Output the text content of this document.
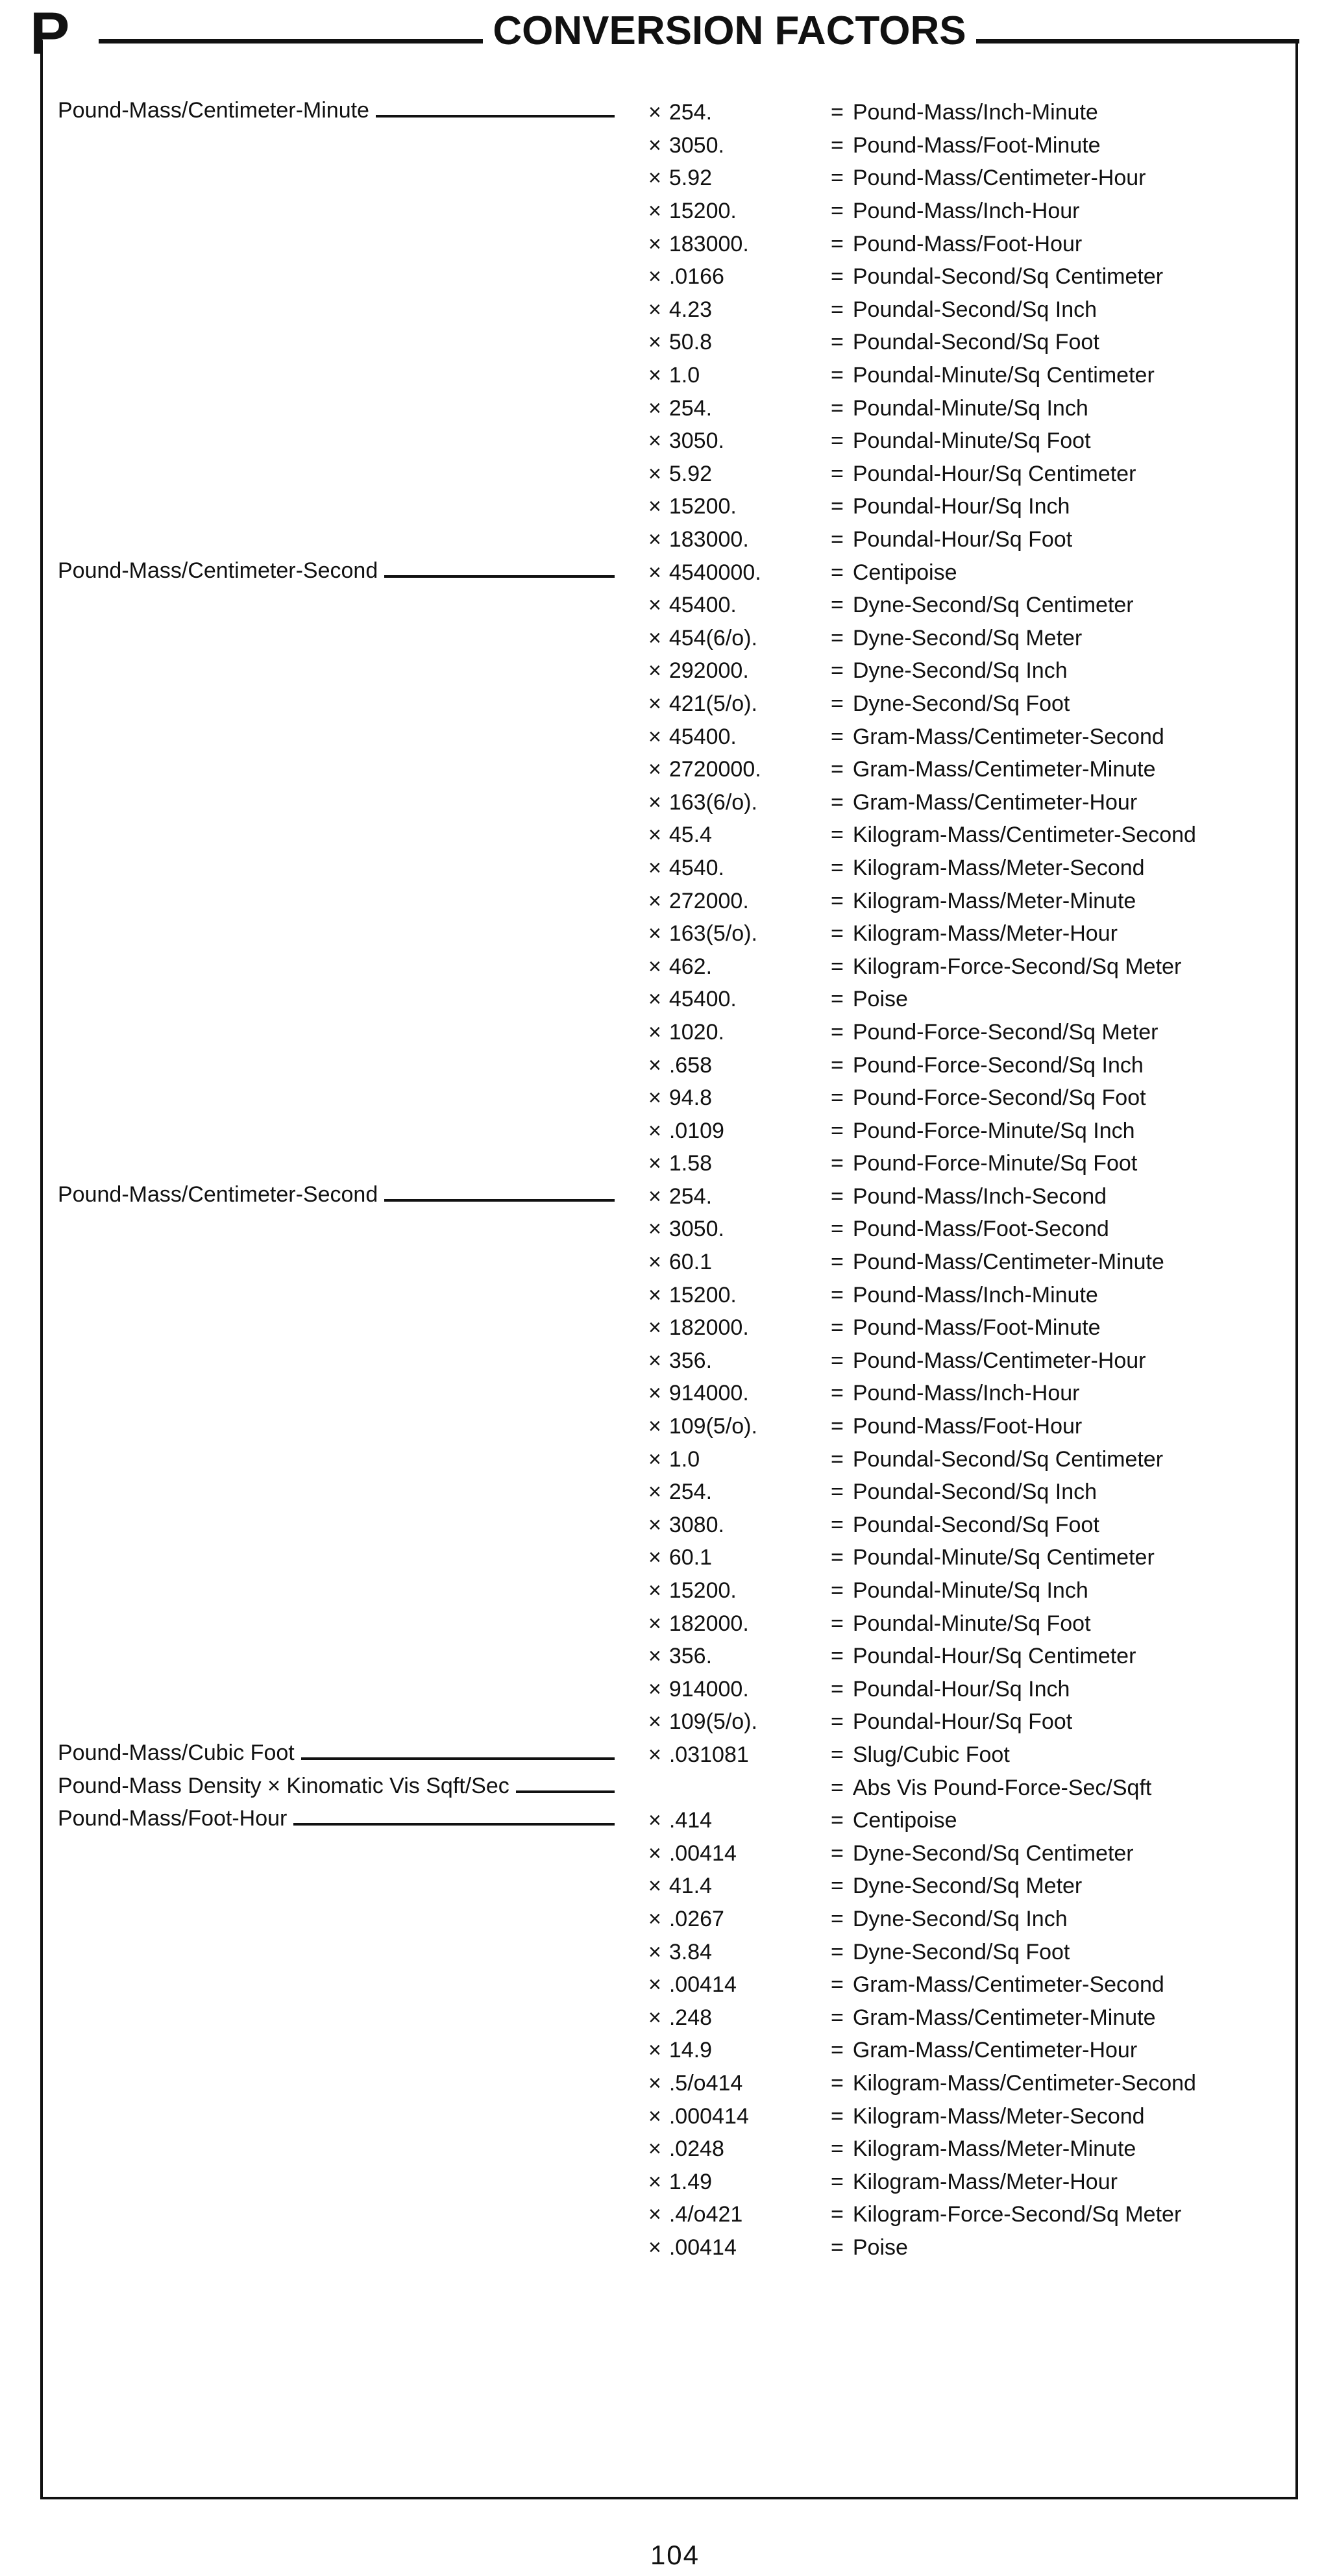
P	CONVERSION FACTORS
Pound-Mass/Centimeter-Minute	× 254.	= Pound-Mass/Inch-Minute
× 3050.	= Pound-Mass/Foot-Minute
× 5.92	= Pound-Mass/Centimeter-Hour
× 15200.	= Pound-Mass/Inch-Hour
× 183000.	= Pound-Mass/Foot-Hour
× .0166	= Poundal-Second/Sq Centimeter
× 4.23	= Poundal-Second/Sq Inch
× 50.8	= Poundal-Second/Sq Foot
× 1.0	= Poundal-Minute/Sq Centimeter
× 254.	= Poundal-Minute/Sq Inch
× 3050.	= Poundal-Minute/Sq Foot
× 5.92	= Poundal-Hour/Sq Centimeter
× 15200.	= Poundal-Hour/Sq Inch
× 183000.	= Poundal-Hour/Sq Foot
Pound-Mass/Centimeter-Second	× 4540000.	= Centipoise
× 45400.	= Dyne-Second/Sq Centimeter
× 454(6/o).	= Dyne-Second/Sq Meter
× 292000.	= Dyne-Second/Sq Inch
× 421(5/o).	= Dyne-Second/Sq Foot
× 45400.	= Gram-Mass/Centimeter-Second
× 2720000.	= Gram-Mass/Centimeter-Minute
× 163(6/o).	= Gram-Mass/Centimeter-Hour
× 45.4	= Kilogram-Mass/Centimeter-Second
× 4540.	= Kilogram-Mass/Meter-Second
× 272000.	= Kilogram-Mass/Meter-Minute
× 163(5/o).	= Kilogram-Mass/Meter-Hour
× 462.	= Kilogram-Force-Second/Sq Meter
× 45400.	= Poise
× 1020.	= Pound-Force-Second/Sq Meter
× .658	= Pound-Force-Second/Sq Inch
× 94.8	= Pound-Force-Second/Sq Foot
× .0109	= Pound-Force-Minute/Sq Inch
× 1.58	= Pound-Force-Minute/Sq Foot
Pound-Mass/Centimeter-Second	× 254.	= Pound-Mass/Inch-Second
× 3050.	= Pound-Mass/Foot-Second
× 60.1	= Pound-Mass/Centimeter-Minute
× 15200.	= Pound-Mass/Inch-Minute
× 182000.	= Pound-Mass/Foot-Minute
× 356.	= Pound-Mass/Centimeter-Hour
× 914000.	= Pound-Mass/Inch-Hour
× 109(5/o).	= Pound-Mass/Foot-Hour
× 1.0	= Poundal-Second/Sq Centimeter
× 254.	= Poundal-Second/Sq Inch
× 3080.	= Poundal-Second/Sq Foot
× 60.1	= Poundal-Minute/Sq Centimeter
× 15200.	= Poundal-Minute/Sq Inch
× 182000.	= Poundal-Minute/Sq Foot
× 356.	= Poundal-Hour/Sq Centimeter
× 914000.	= Poundal-Hour/Sq Inch
× 109(5/o).	= Poundal-Hour/Sq Foot
Pound-Mass/Cubic Foot	× .031081	= Slug/Cubic Foot
Pound-Mass Density × Kinomatic Vis Sqft/Sec	= Abs Vis Pound-Force-Sec/Sqft
Pound-Mass/Foot-Hour	× .414	= Centipoise
× .00414	= Dyne-Second/Sq Centimeter
× 41.4	= Dyne-Second/Sq Meter
× .0267	= Dyne-Second/Sq Inch
× 3.84	= Dyne-Second/Sq Foot
× .00414	= Gram-Mass/Centimeter-Second
× .248	= Gram-Mass/Centimeter-Minute
× 14.9	= Gram-Mass/Centimeter-Hour
× .5/o414	= Kilogram-Mass/Centimeter-Second
× .000414	= Kilogram-Mass/Meter-Second
× .0248	= Kilogram-Mass/Meter-Minute
× 1.49	= Kilogram-Mass/Meter-Hour
× .4/o421	= Kilogram-Force-Second/Sq Meter
× .00414	= Poise
104
